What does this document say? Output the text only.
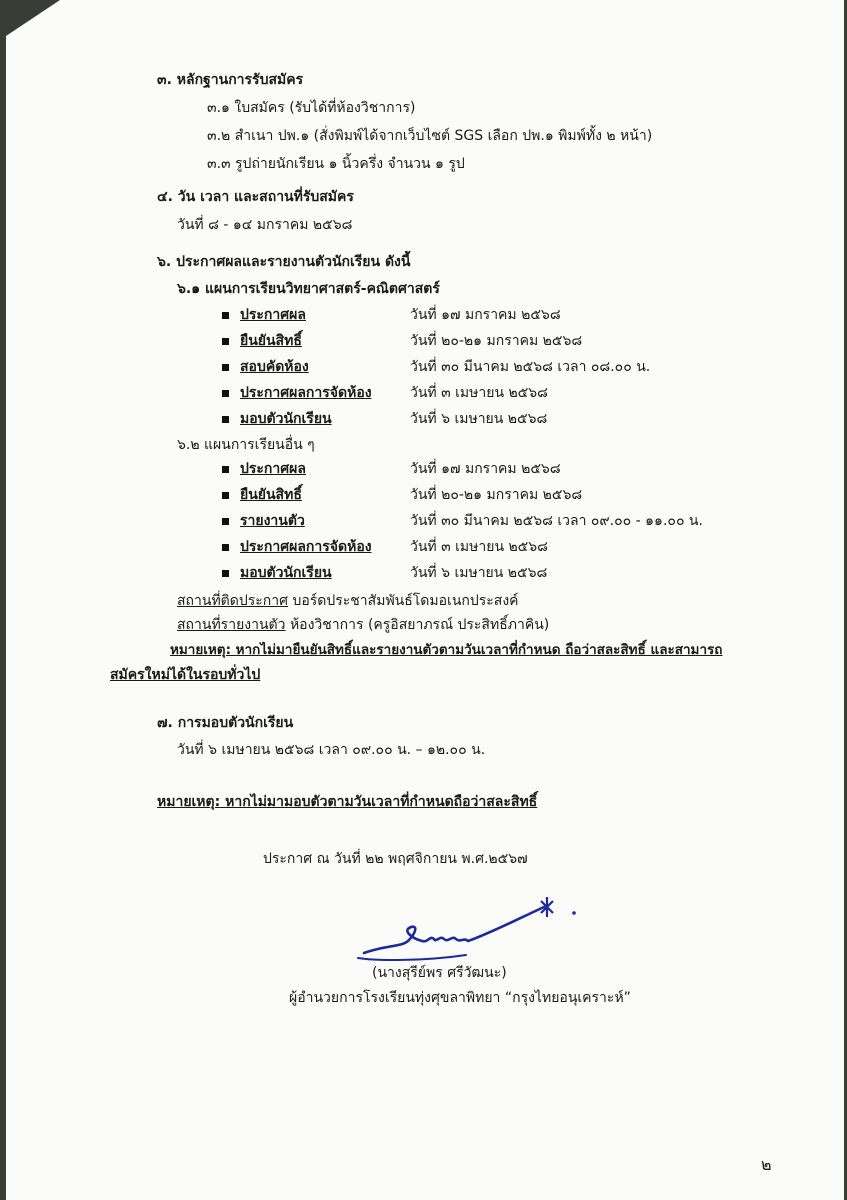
๓. หลักฐานการรับสมัคร
๓.๑ ใบสมัคร (รับได้ที่ห้องวิชาการ)
๓.๒ สำเนา ปพ.๑ (สั่งพิมพ์ได้จากเว็บไซต์ SGS เลือก ปพ.๑ พิมพ์ทั้ง ๒ หน้า)
๓.๓ รูปถ่ายนักเรียน ๑ นิ้วครึ่ง จำนวน ๑ รูป
๔. วัน เวลา และสถานที่รับสมัคร
วันที่ ๘ - ๑๔ มกราคม ๒๕๖๘
๖. ประกาศผลและรายงานตัวนักเรียน ดังนี้
๖.๑ แผนการเรียนวิทยาศาสตร์-คณิตศาสตร์
ประกาศผล	วันที่ ๑๗ มกราคม ๒๕๖๘
ยืนยันสิทธิ์	วันที่ ๒๐-๒๑ มกราคม ๒๕๖๘
สอบคัดห้อง	วันที่ ๓๐ มีนาคม ๒๕๖๘ เวลา ๐๘.๐๐ น.
ประกาศผลการจัดห้อง	วันที่ ๓ เมษายน ๒๕๖๘
มอบตัวนักเรียน	วันที่ ๖ เมษายน ๒๕๖๘
๖.๒ แผนการเรียนอื่น ๆ
ประกาศผล	วันที่ ๑๗ มกราคม ๒๕๖๘
ยืนยันสิทธิ์	วันที่ ๒๐-๒๑ มกราคม ๒๕๖๘
รายงานตัว	วันที่ ๓๐ มีนาคม ๒๕๖๘ เวลา ๐๙.๐๐ - ๑๑.๐๐ น.
ประกาศผลการจัดห้อง	วันที่ ๓ เมษายน ๒๕๖๘
มอบตัวนักเรียน	วันที่ ๖ เมษายน ๒๕๖๘
สถานที่ติดประกาศ บอร์ดประชาสัมพันธ์โดมอเนกประสงค์
สถานที่รายงานตัว ห้องวิชาการ (ครูอิสยาภรณ์ ประสิทธิ์ภาคิน)
หมายเหตุ: หากไม่มายืนยันสิทธิ์และรายงานตัวตามวันเวลาที่กำหนด ถือว่าสละสิทธิ์ และสามารถ
สมัครใหม่ได้ในรอบทั่วไป
๗. การมอบตัวนักเรียน
วันที่ ๖ เมษายน ๒๕๖๘ เวลา ๐๙.๐๐ น. – ๑๒.๐๐ น.
หมายเหตุ: หากไม่มามอบตัวตามวันเวลาที่กำหนดถือว่าสละสิทธิ์
ประกาศ ณ วันที่ ๒๒ พฤศจิกายน พ.ศ.๒๕๖๗
(นางสุรีย์พร ศรีวัฒนะ)
ผู้อำนวยการโรงเรียนทุ่งศุขลาพิทยา “กรุงไทยอนุเคราะห์”
๒
